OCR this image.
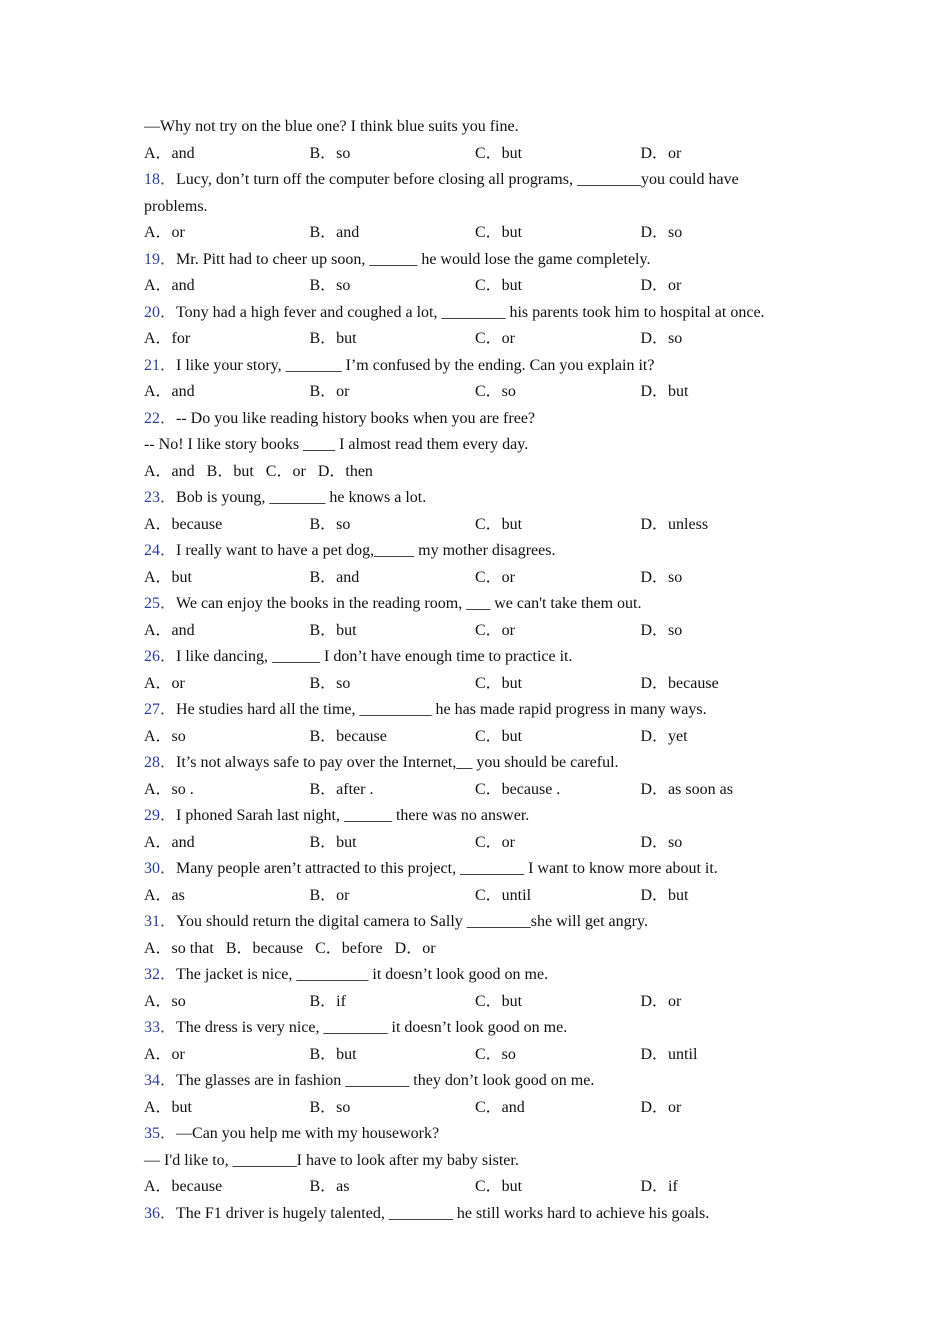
—Why not try on the blue one? I think blue suits you fine.
A．and	B．so	C．but	D．or
18．Lucy, don’t turn off the computer before closing all programs, ________you could have
problems.
A．or	B．and	C．but	D．so
19．Mr. Pitt had to cheer up soon, ______ he would lose the game completely.
A．and	B．so	C．but	D．or
20．Tony had a high fever and coughed a lot, ________ his parents took him to hospital at once.
A．for	B．but	C．or	D．so
21．I like your story, _______ I’m confused by the ending. Can you explain it?
A．and	B．or	C．so	D．but
22．-- Do you like reading history books when you are free?
-- No! I like story books ____ I almost read them every day.
A．and B．but C．or D．then
23．Bob is young, _______ he knows a lot.
A．because	B．so	C．but	D．unless
24．I really want to have a pet dog,_____ my mother disagrees.
A．but	B．and	C．or	D．so
25．We can enjoy the books in the reading room, ___ we can't take them out.
A．and	B．but	C．or	D．so
26．I like dancing, ______ I don’t have enough time to practice it.
A．or	B．so	C．but	D．because
27．He studies hard all the time, _________ he has made rapid progress in many ways.
A．so	B．because	C．but	D．yet
28．It’s not always safe to pay over the Internet,__ you should be careful.
A．so .	B．after .	C．because .	D．as soon as
29．I phoned Sarah last night, ______ there was no answer.
A．and	B．but	C．or	D．so
30．Many people aren’t attracted to this project, ________ I want to know more about it.
A．as	B．or	C．until	D．but
31．You should return the digital camera to Sally ________she will get angry.
A．so that B．because C．before D．or
32．The jacket is nice, _________ it doesn’t look good on me.
A．so	B．if	C．but	D．or
33．The dress is very nice, ________ it doesn’t look good on me.
A．or	B．but	C．so	D．until
34．The glasses are in fashion ________ they don’t look good on me.
A．but	B．so	C．and	D．or
35．—Can you help me with my housework?
— I'd like to, ________I have to look after my baby sister.
A．because	B．as	C．but	D．if
36．The F1 driver is hugely talented, ________ he still works hard to achieve his goals.
